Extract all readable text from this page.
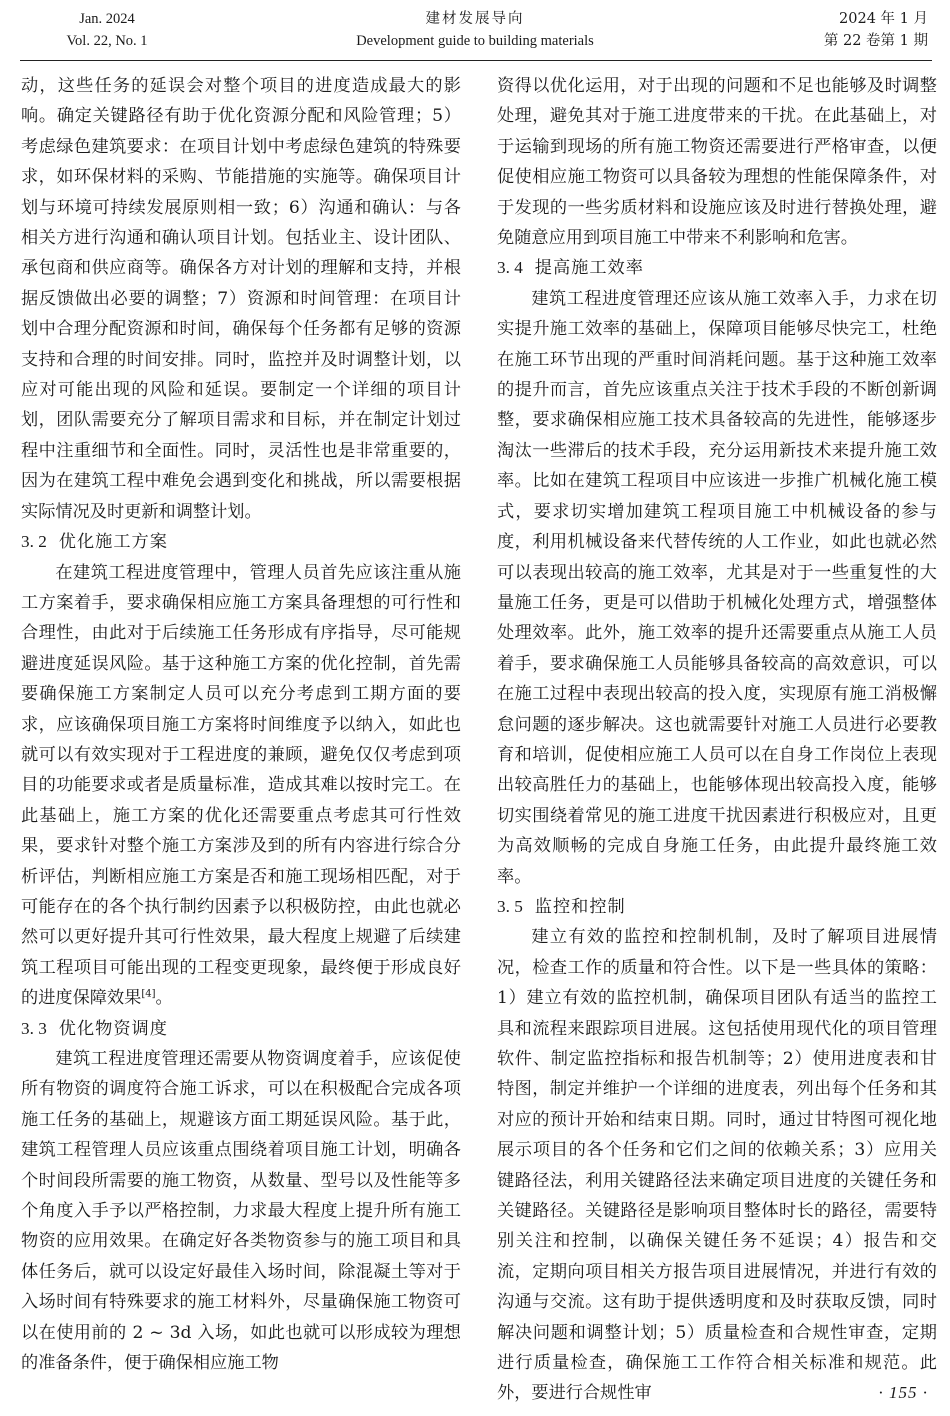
Jan. 2024
Vol. 22, No. 1
建材发展导向
Development guide to building materials
2024 年 1 月
第 22 卷第 1 期

动，这些任务的延误会对整个项目的进度造成最大的影响。确定关键路径有助于优化资源分配和风险管理；5）考虑绿色建筑要求：在项目计划中考虑绿色建筑的特殊要求，如环保材料的采购、节能措施的实施等。确保项目计划与环境可持续发展原则相一致；6）沟通和确认：与各相关方进行沟通和确认项目计划。包括业主、设计团队、承包商和供应商等。确保各方对计划的理解和支持，并根据反馈做出必要的调整；7）资源和时间管理：在项目计划中合理分配资源和时间，确保每个任务都有足够的资源支持和合理的时间安排。同时，监控并及时调整计划，以应对可能出现的风险和延误。要制定一个详细的项目计划，团队需要充分了解项目需求和目标，并在制定计划过程中注重细节和全面性。同时，灵活性也是非常重要的，因为在建筑工程中难免会遇到变化和挑战，所以需要根据实际情况及时更新和调整计划。

3. 2 优化施工方案

在建筑工程进度管理中，管理人员首先应该注重从施工方案着手，要求确保相应施工方案具备理想的可行性和合理性，由此对于后续施工任务形成有序指导，尽可能规避进度延误风险。基于这种施工方案的优化控制，首先需要确保施工方案制定人员可以充分考虑到工期方面的要求，应该确保项目施工方案将时间维度予以纳入，如此也就可以有效实现对于工程进度的兼顾，避免仅仅考虑到项目的功能要求或者是质量标准，造成其难以按时完工。在此基础上，施工方案的优化还需要重点考虑其可行性效果，要求针对整个施工方案涉及到的所有内容进行综合分析评估，判断相应施工方案是否和施工现场相匹配，对于可能存在的各个执行制约因素予以积极防控，由此也就必然可以更好提升其可行性效果，最大程度上规避了后续建筑工程项目可能出现的工程变更现象，最终便于形成良好的进度保障效果[4]。

3. 3 优化物资调度

建筑工程进度管理还需要从物资调度着手，应该促使所有物资的调度符合施工诉求，可以在积极配合完成各项施工任务的基础上，规避该方面工期延误风险。基于此，建筑工程管理人员应该重点围绕着项目施工计划，明确各个时间段所需要的施工物资，从数量、型号以及性能等多个角度入手予以严格控制，力求最大程度上提升所有施工物资的应用效果。在确定好各类物资参与的施工项目和具体任务后，就可以设定好最佳入场时间，除混凝土等对于入场时间有特殊要求的施工材料外，尽量确保施工物资可以在使用前的 2 ~ 3d 入场，如此也就可以形成较为理想的准备条件，便于确保相应施工物

资得以优化运用，对于出现的问题和不足也能够及时调整处理，避免其对于施工进度带来的干扰。在此基础上，对于运输到现场的所有施工物资还需要进行严格审查，以便促使相应施工物资可以具备较为理想的性能保障条件，对于发现的一些劣质材料和设施应该及时进行替换处理，避免随意应用到项目施工中带来不利影响和危害。

3. 4 提高施工效率

建筑工程进度管理还应该从施工效率入手，力求在切实提升施工效率的基础上，保障项目能够尽快完工，杜绝在施工环节出现的严重时间消耗问题。基于这种施工效率的提升而言，首先应该重点关注于技术手段的不断创新调整，要求确保相应施工技术具备较高的先进性，能够逐步淘汰一些滞后的技术手段，充分运用新技术来提升施工效率。比如在建筑工程项目中应该进一步推广机械化施工模式，要求切实增加建筑工程项目施工中机械设备的参与度，利用机械设备来代替传统的人工作业，如此也就必然可以表现出较高的施工效率，尤其是对于一些重复性的大量施工任务，更是可以借助于机械化处理方式，增强整体处理效率。此外，施工效率的提升还需要重点从施工人员着手，要求确保施工人员能够具备较高的高效意识，可以在施工过程中表现出较高的投入度，实现原有施工消极懈怠问题的逐步解决。这也就需要针对施工人员进行必要教育和培训，促使相应施工人员可以在自身工作岗位上表现出较高胜任力的基础上，也能够体现出较高投入度，能够切实围绕着常见的施工进度干扰因素进行积极应对，且更为高效顺畅的完成自身施工任务，由此提升最终施工效率。

3. 5 监控和控制

建立有效的监控和控制机制，及时了解项目进展情况，检查工作的质量和符合性。以下是一些具体的策略：1）建立有效的监控机制，确保项目团队有适当的监控工具和流程来跟踪项目进展。这包括使用现代化的项目管理软件、制定监控指标和报告机制等；2）使用进度表和甘特图，制定并维护一个详细的进度表，列出每个任务和其对应的预计开始和结束日期。同时，通过甘特图可视化地展示项目的各个任务和它们之间的依赖关系；3）应用关键路径法，利用关键路径法来确定项目进度的关键任务和关键路径。关键路径是影响项目整体时长的路径，需要特别关注和控制，以确保关键任务不延误；4）报告和交流，定期向项目相关方报告项目进展情况，并进行有效的沟通与交流。这有助于提供透明度和及时获取反馈，同时解决问题和调整计划；5）质量检查和合规性审查，定期进行质量检查，确保施工工作符合相关标准和规范。此外，要进行合规性审	· 155 ·
